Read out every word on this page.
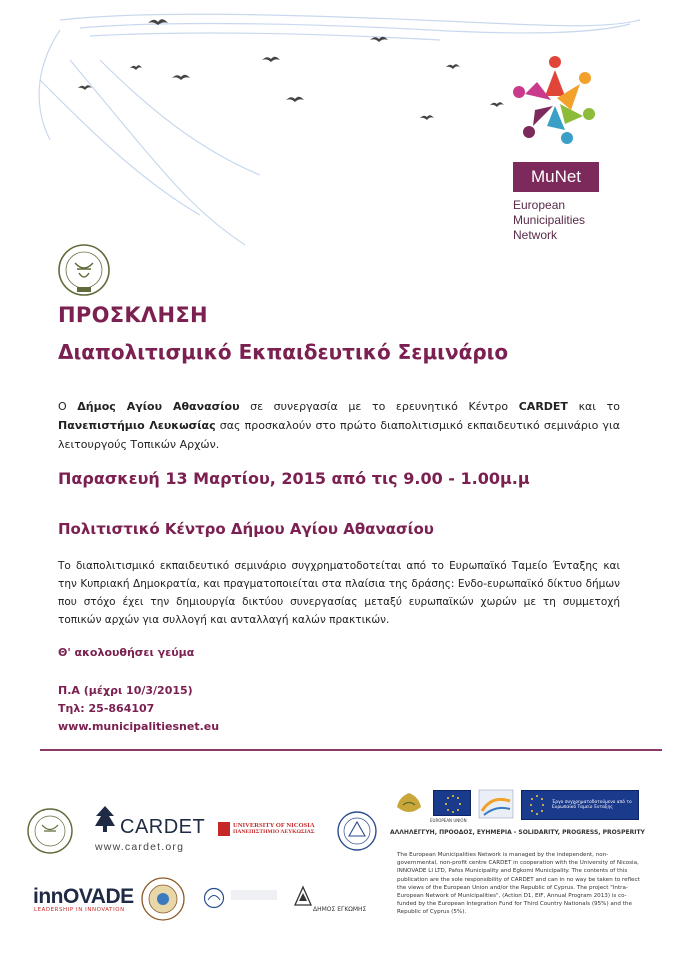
MuNet
European
Municipalities
Network
ΠΡΟΣΚΛΗΣΗ
Διαπολιτισμικό Εκπαιδευτικό Σεμινάριο
Ο Δήμος Αγίου Αθανασίου σε συνεργασία με το ερευνητικό Κέντρο CARDET και το Πανεπιστήμιο Λευκωσίας σας προσκαλούν στο πρώτο διαπολιτισμικό εκπαιδευτικό σεμινάριο για λειτουργούς Τοπικών Αρχών.
Παρασκευή 13 Μαρτίου, 2015 από τις 9.00 - 1.00μ.μ
Πολιτιστικό Κέντρο Δήμου Αγίου Αθανασίου
Το διαπολιτισμικό εκπαιδευτικό σεμινάριο συγχρηματοδοτείται από το Ευρωπαϊκό Ταμείο Ένταξης και την Κυπριακή Δημοκρατία, και πραγματοποιείται στα πλαίσια της δράσης: Ενδο-ευρωπαϊκό δίκτυο δήμων που στόχο έχει την δημιουργία δικτύου συνεργασίας μεταξύ ευρωπαϊκών χωρών με τη συμμετοχή τοπικών αρχών για συλλογή και ανταλλαγή καλών πρακτικών.
Θ' ακολουθήσει γεύμα
Π.Α (μέχρι 10/3/2015)
Τηλ: 25-864107
www.municipalitiesnet.eu
CARDET
www.cardet.org
UNIVERSITY OF NICOSIA
ΠΑΝΕΠΙΣΤΗΜΙΟ ΛΕΥΚΩΣΙΑΣ
innOVADE
LEADERSHIP IN INNOVATION	ΔΗΜΟΣ ΕΓΚΩΜΗΣ
EUROPEAN UNION
Έργο συγχρηματοδοτούμενο από το Ευρωπαϊκό Ταμείο Ένταξης
ΑΛΛΗΛΕΓΓΥΗ, ΠΡΟΟΔΟΣ, ΕΥΗΜΕΡΙΑ - SOLIDARITY, PROGRESS, PROSPERITY
The European Municipalities Network is managed by the independent, non-governmental, non-profit centre CARDET in cooperation with the University of Nicosia, INNOVADE LI LTD, Pafos Municipality and Egkomi Municipality. The contents of this publication are the sole responsibility of CARDET and can in no way be taken to reflect the views of the European Union and/or the Republic of Cyprus. The project "Intra-European Network of Municipalities", (Action D1, EIF, Annual Program 2013) is co-funded by the European Integration Fund for Third Country Nationals (95%) and the Republic of Cyprus (5%).
